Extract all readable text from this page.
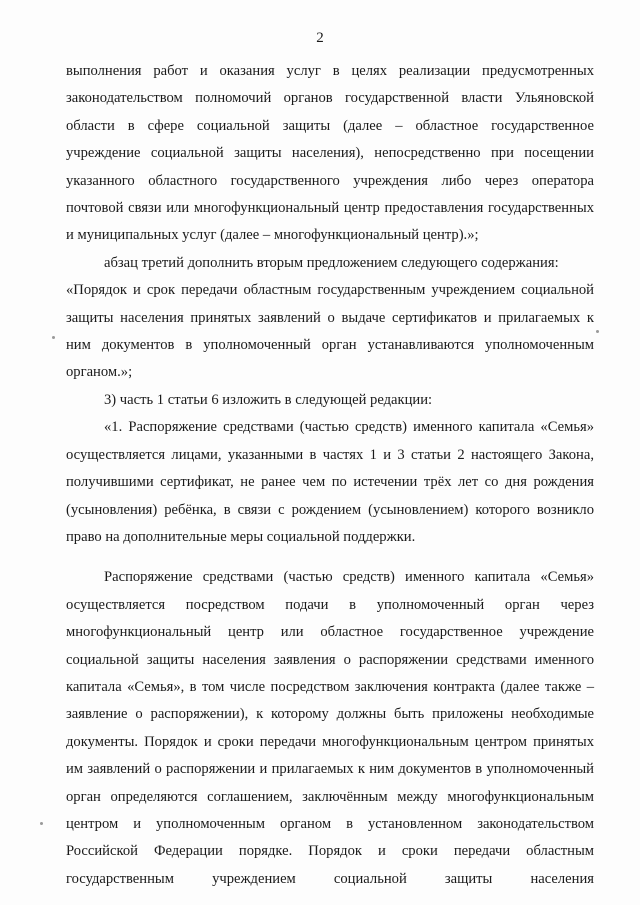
2

выполнения работ и оказания услуг в целях реализации предусмотренных законодательством полномочий органов государственной власти Ульяновской области в сфере социальной защиты (далее – областное государственное учреждение социальной защиты населения), непосредственно при посещении указанного областного государственного учреждения либо через оператора почтовой связи или многофункциональный центр предоставления государственных и муниципальных услуг (далее – многофункциональный центр).»;

абзац третий дополнить вторым предложением следующего содержания:

«Порядок и срок передачи областным государственным учреждением социальной защиты населения принятых заявлений о выдаче сертификатов и прилагаемых к ним документов в уполномоченный орган устанавливаются уполномоченным органом.»;

3) часть 1 статьи 6 изложить в следующей редакции:

«1. Распоряжение средствами (частью средств) именного капитала «Семья» осуществляется лицами, указанными в частях 1 и 3 статьи 2 настоящего Закона, получившими сертификат, не ранее чем по истечении трёх лет со дня рождения (усыновления) ребёнка, в связи с рождением (усыновлением) которого возникло право на дополнительные меры социальной поддержки.

Распоряжение средствами (частью средств) именного капитала «Семья» осуществляется посредством подачи в уполномоченный орган через многофункциональный центр или областное государственное учреждение социальной защиты населения заявления о распоряжении средствами именного капитала «Семья», в том числе посредством заключения контракта (далее также – заявление о распоряжении), к которому должны быть приложены необходимые документы. Порядок и сроки передачи многофункциональным центром принятых им заявлений о распоряжении и прилагаемых к ним документов в уполномоченный орган определяются соглашением, заключённым между многофункциональным центром и уполномоченным органом в установленном законодательством Российской Федерации порядке. Порядок и сроки передачи областным государственным учреждением социальной защиты населения
